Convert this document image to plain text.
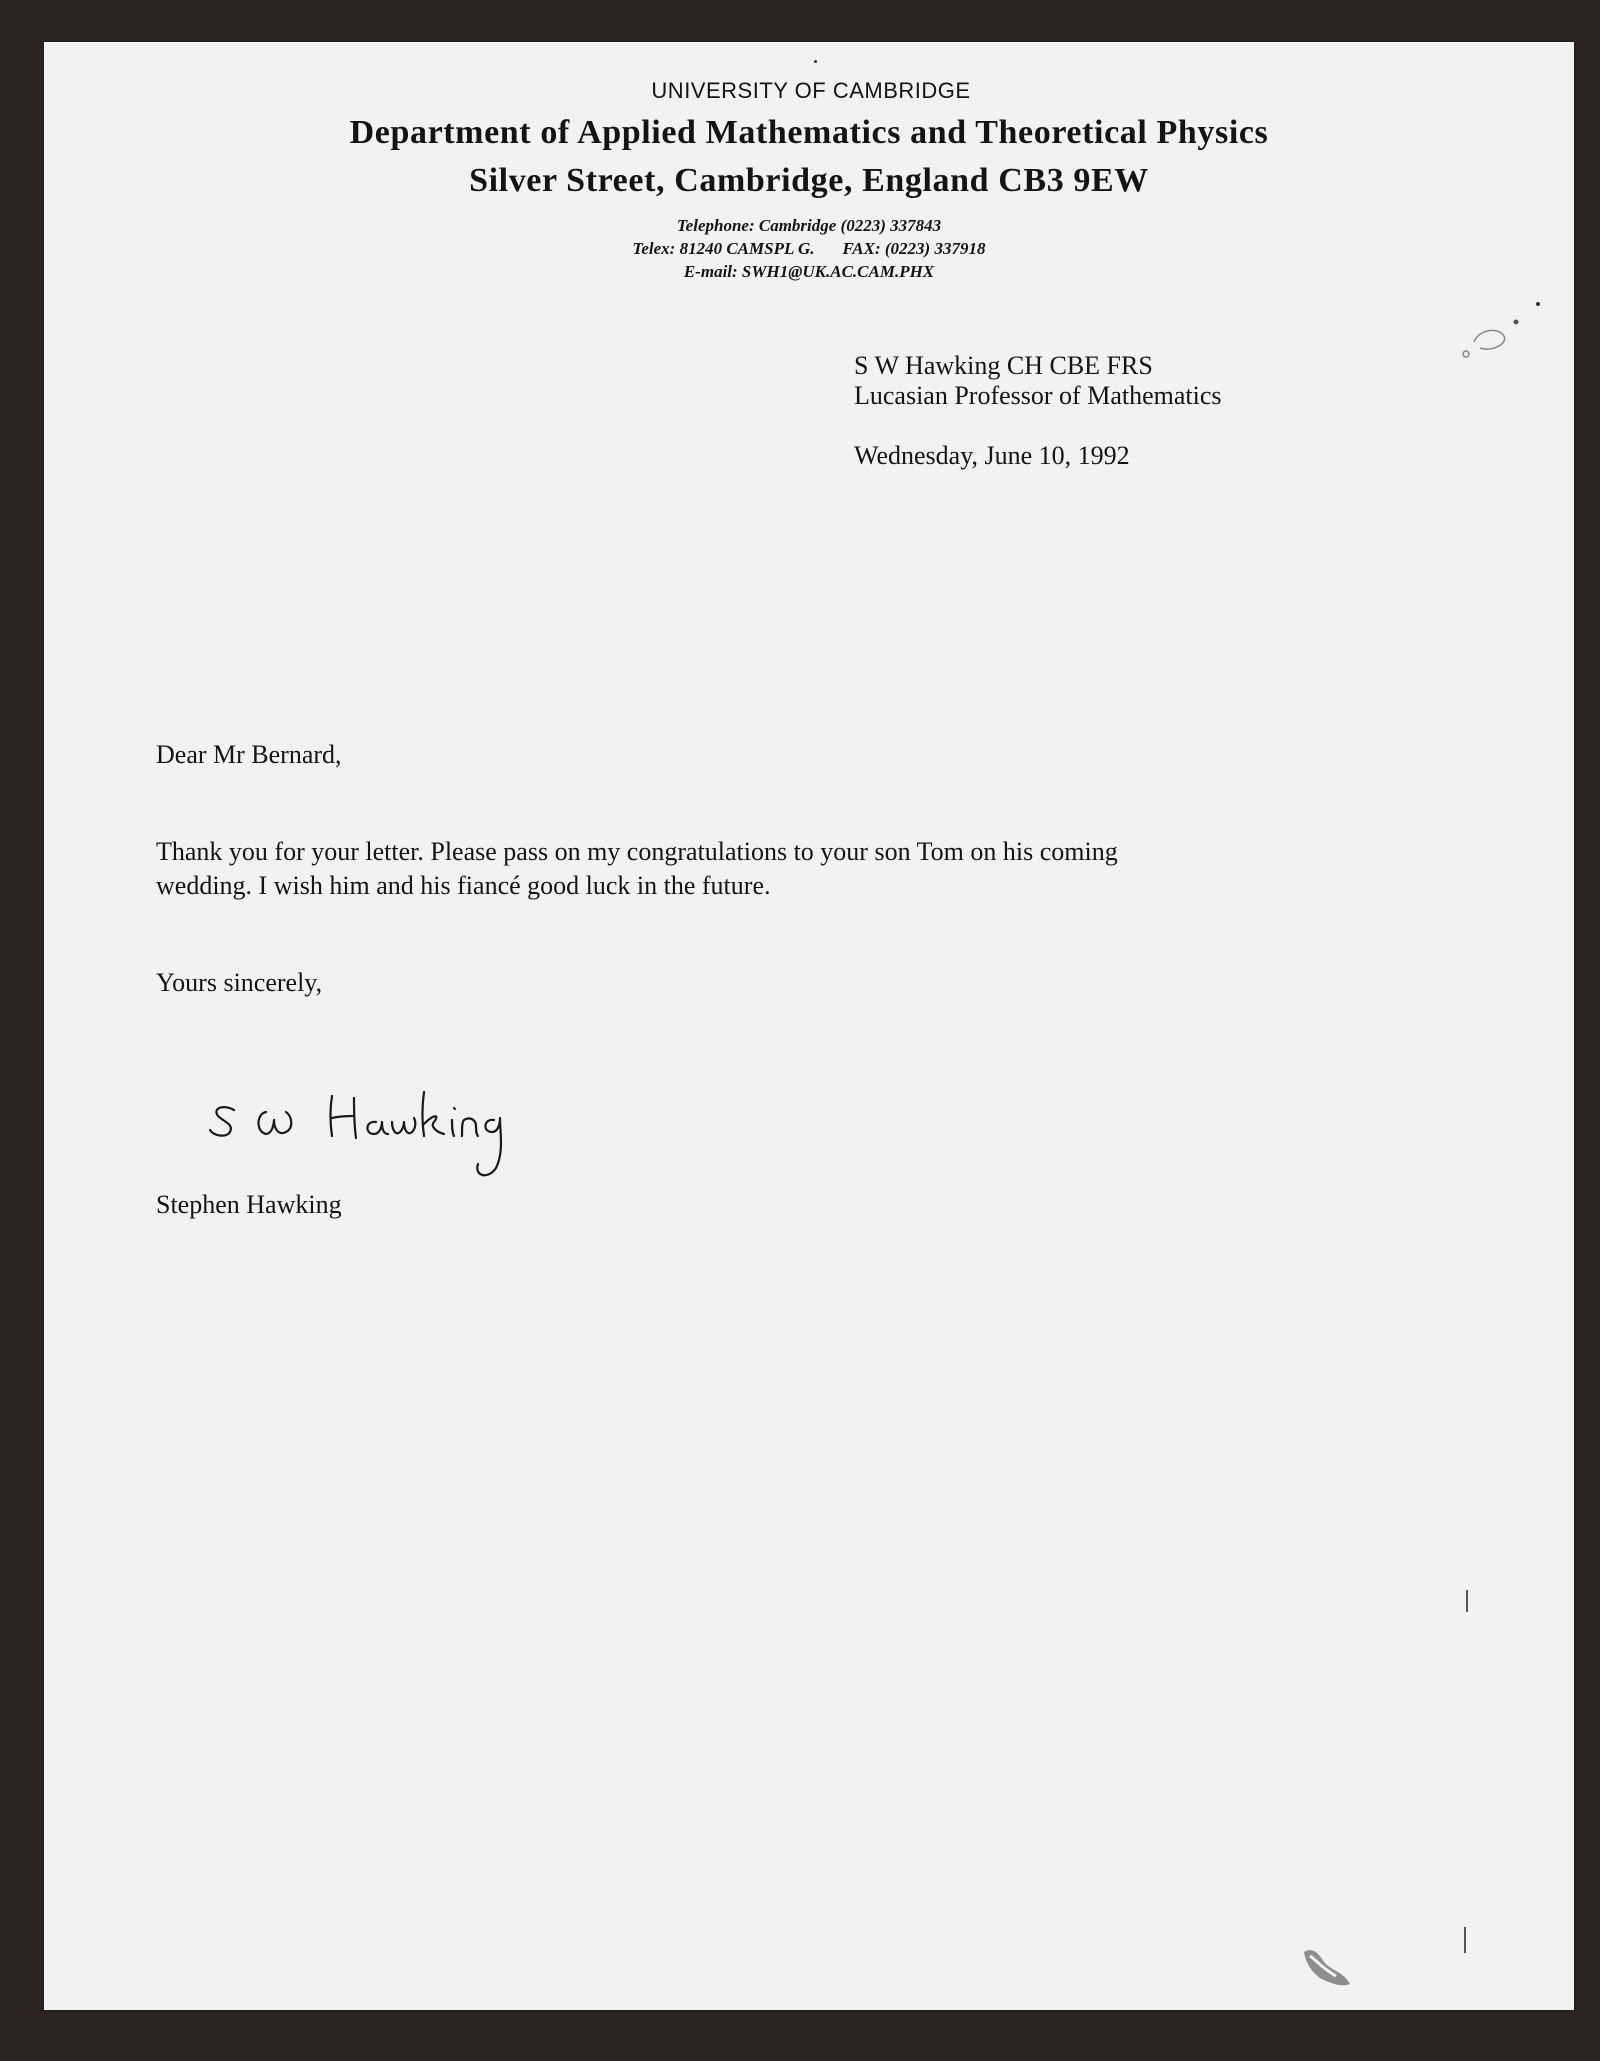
UNIVERSITY OF CAMBRIDGE
Department of Applied Mathematics and Theoretical Physics
Silver Street, Cambridge, England CB3 9EW
Telephone: Cambridge (0223) 337843
Telex: 81240 CAMSPL G. FAX: (0223) 337918
E-mail: SWH1@UK.AC.CAM.PHX
S W Hawking CH CBE FRS
Lucasian Professor of Mathematics
Wednesday, June 10, 1992

Dear Mr Bernard,

Thank you for your letter. Please pass on my congratulations to your son Tom on his coming

wedding. I wish him and his fiancé good luck in the future.

Yours sincerely,

Stephen Hawking
